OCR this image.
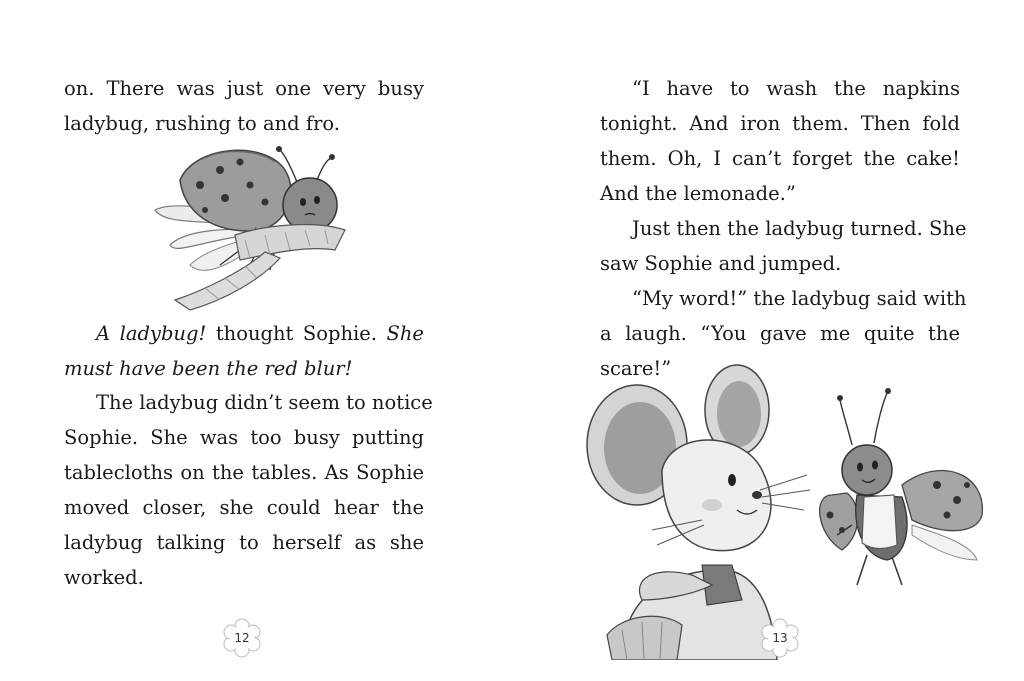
on. There was just one very busy
ladybug, rushing to and fro.
A ladybug! thought Sophie. She
must have been the red blur!
The ladybug didn’t seem to notice
Sophie. She was too busy putting
tablecloths on the tables. As Sophie
moved closer, she could hear the
ladybug talking to herself as she
worked.
12
“I have to wash the napkins
tonight. And iron them. Then fold
them. Oh, I can’t forget the cake!
And the lemonade.”
Just then the ladybug turned. She
saw Sophie and jumped.
“My word!” the ladybug said with
a laugh. “You gave me quite the
scare!”
13
